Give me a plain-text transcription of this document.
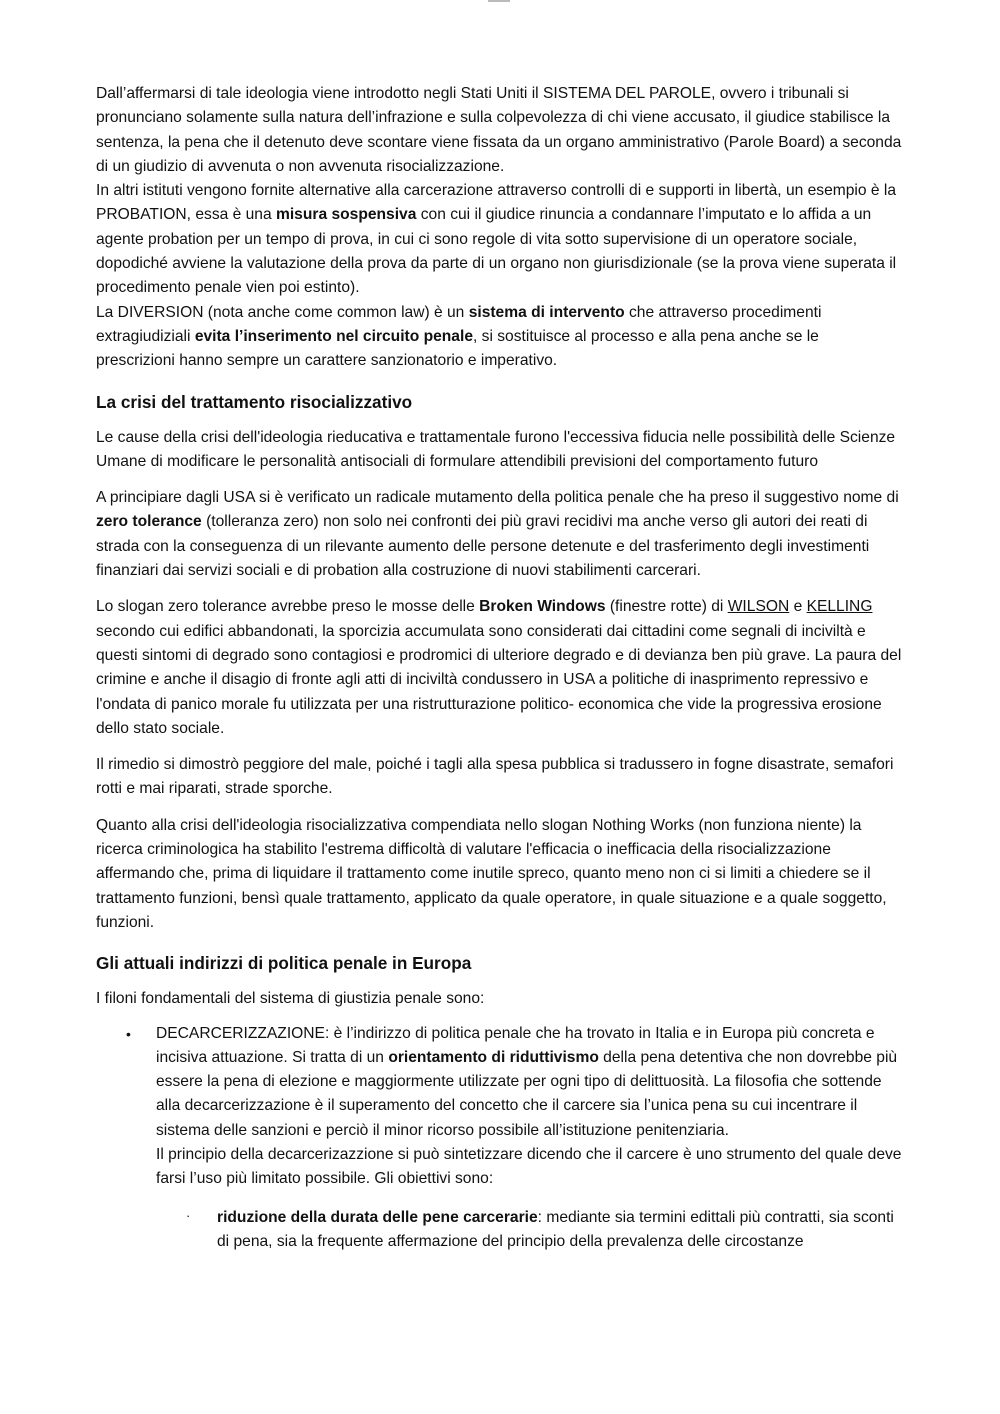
Dall’affermarsi di tale ideologia viene introdotto negli Stati Uniti il SISTEMA DEL PAROLE, ovvero i tribunali si pronunciano solamente sulla natura dell’infrazione e sulla colpevolezza di chi viene accusato, il giudice stabilisce la sentenza, la pena che il detenuto deve scontare viene fissata da un organo amministrativo (Parole Board) a seconda di un giudizio di avvenuta o non avvenuta risocializzazione.
In altri istituti vengono fornite alternative alla carcerazione attraverso controlli di e supporti in libertà, un esempio è la PROBATION, essa è una misura sospensiva con cui il giudice rinuncia a condannare l’imputato e lo affida a un agente probation per un tempo di prova, in cui ci sono regole di vita sotto supervisione di un operatore sociale, dopodiché avviene la valutazione della prova da parte di un organo non giurisdizionale (se la prova viene superata il procedimento penale vien poi estinto).
La DIVERSION (nota anche come common law) è un sistema di intervento che attraverso procedimenti extragiudiziali evita l’inserimento nel circuito penale, si sostituisce al processo e alla pena anche se le prescrizioni hanno sempre un carattere sanzionatorio e imperativo.

La crisi del trattamento risocializzativo

Le cause della crisi dell'ideologia rieducativa e trattamentale furono l'eccessiva fiducia nelle possibilità delle Scienze Umane di modificare le personalità antisociali di formulare attendibili previsioni del comportamento futuro

A principiare dagli USA si è verificato un radicale mutamento della politica penale che ha preso il suggestivo nome di zero tolerance (tolleranza zero) non solo nei confronti dei più gravi recidivi ma anche verso gli autori dei reati di strada con la conseguenza di un rilevante aumento delle persone detenute e del trasferimento degli investimenti finanziari dai servizi sociali e di probation alla costruzione di nuovi stabilimenti carcerari.

Lo slogan zero tolerance avrebbe preso le mosse delle Broken Windows (finestre rotte) di WILSON e KELLING secondo cui edifici abbandonati, la sporcizia accumulata sono considerati dai cittadini come segnali di inciviltà e questi sintomi di degrado sono contagiosi e prodromici di ulteriore degrado e di devianza ben più grave. La paura del crimine e anche il disagio di fronte agli atti di inciviltà condussero in USA a politiche di inasprimento repressivo e l'ondata di panico morale fu utilizzata per una ristrutturazione politico- economica che vide la progressiva erosione dello stato sociale.

Il rimedio si dimostrò peggiore del male, poiché i tagli alla spesa pubblica si tradussero in fogne disastrate, semafori rotti e mai riparati, strade sporche.

Quanto alla crisi dell'ideologia risocializzativa compendiata nello slogan Nothing Works (non funziona niente) la ricerca criminologica ha stabilito l'estrema difficoltà di valutare l'efficacia o inefficacia della risocializzazione affermando che, prima di liquidare il trattamento come inutile spreco, quanto meno non ci si limiti a chiedere se il trattamento funzioni, bensì quale trattamento, applicato da quale operatore, in quale situazione e a quale soggetto, funzioni.

Gli attuali indirizzi di politica penale in Europa

I filoni fondamentali del sistema di giustizia penale sono:

• DECARCERIZZAZIONE: è l’indirizzo di politica penale che ha trovato in Italia e in Europa più concreta e incisiva attuazione. Si tratta di un orientamento di riduttivismo della pena detentiva che non dovrebbe più essere la pena di elezione e maggiormente utilizzate per ogni tipo di delittuosità. La filosofia che sottende alla decarcerizzazione è il superamento del concetto che il carcere sia l’unica pena su cui incentrare il sistema delle sanzioni e perciò il minor ricorso possibile all’istituzione penitenziaria.
Il principio della decarcerizazzione si può sintetizzare dicendo che il carcere è uno strumento del quale deve farsi l’uso più limitato possibile. Gli obiettivi sono:

· riduzione della durata delle pene carcerarie: mediante sia termini edittali più contratti, sia sconti di pena, sia la frequente affermazione del principio della prevalenza delle circostanze
